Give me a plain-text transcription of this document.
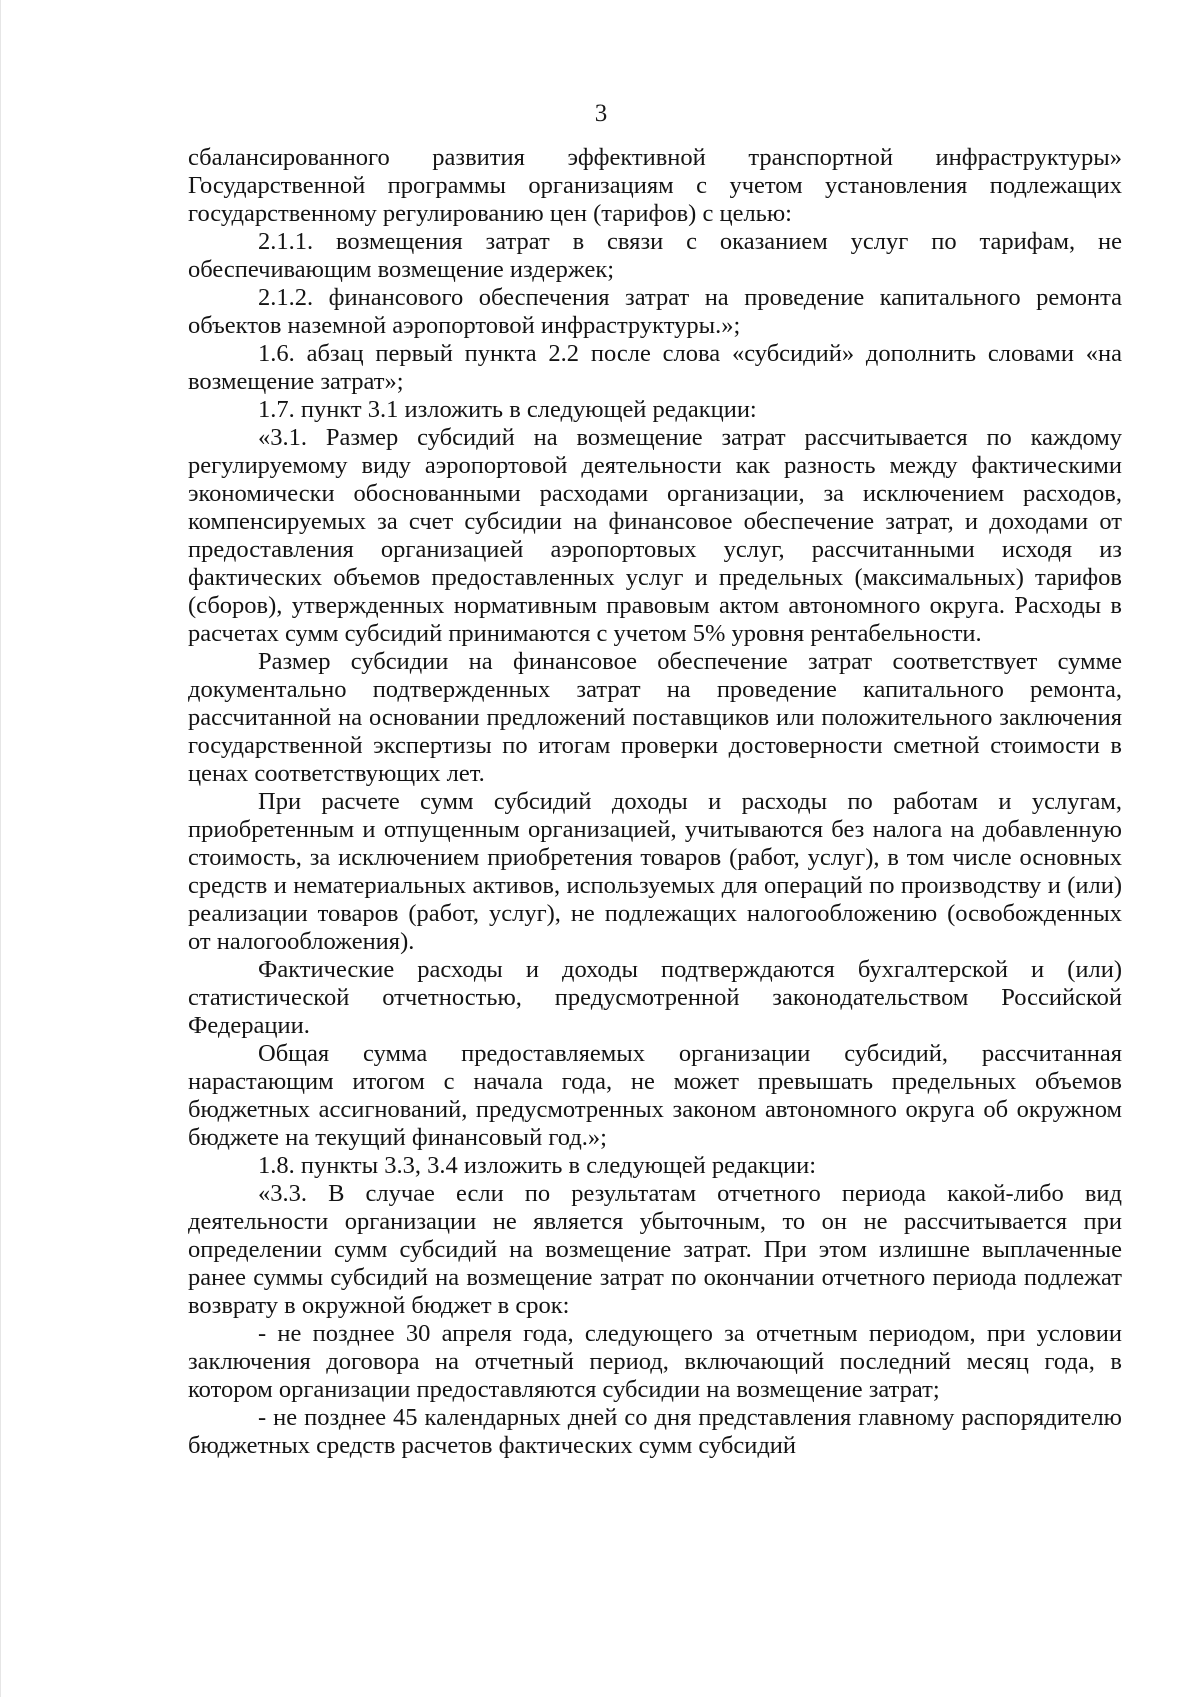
3

сбалансированного развития эффективной транспортной инфраструктуры» Государственной программы организациям с учетом установления подлежащих государственному регулированию цен (тарифов) с целью:

2.1.1. возмещения затрат в связи с оказанием услуг по тарифам, не обеспечивающим возмещение издержек;

2.1.2. финансового обеспечения затрат на проведение капитального ремонта объектов наземной аэропортовой инфраструктуры.»;

1.6. абзац первый пункта 2.2 после слова «субсидий» дополнить словами «на возмещение затрат»;

1.7. пункт 3.1 изложить в следующей редакции:

«3.1. Размер субсидий на возмещение затрат рассчитывается по каждому регулируемому виду аэропортовой деятельности как разность между фактическими экономически обоснованными расходами организации, за исключением расходов, компенсируемых за счет субсидии на финансовое обеспечение затрат, и доходами от предоставления организацией аэропортовых услуг, рассчитанными исходя из фактических объемов предоставленных услуг и предельных (максимальных) тарифов (сборов), утвержденных нормативным правовым актом автономного округа. Расходы в расчетах сумм субсидий принимаются с учетом 5% уровня рентабельности.

Размер субсидии на финансовое обеспечение затрат соответствует сумме документально подтвержденных затрат на проведение капитального ремонта, рассчитанной на основании предложений поставщиков или положительного заключения государственной экспертизы по итогам проверки достоверности сметной стоимости в ценах соответствующих лет.

При расчете сумм субсидий доходы и расходы по работам и услугам, приобретенным и отпущенным организацией, учитываются без налога на добавленную стоимость, за исключением приобретения товаров (работ, услуг), в том числе основных средств и нематериальных активов, используемых для операций по производству и (или) реализации товаров (работ, услуг), не подлежащих налогообложению (освобожденных от налогообложения).

Фактические расходы и доходы подтверждаются бухгалтерской и (или) статистической отчетностью, предусмотренной законодательством Российской Федерации.

Общая сумма предоставляемых организации субсидий, рассчитанная нарастающим итогом с начала года, не может превышать предельных объемов бюджетных ассигнований, предусмотренных законом автономного округа об окружном бюджете на текущий финансовый год.»;

1.8. пункты 3.3, 3.4 изложить в следующей редакции:

«3.3. В случае если по результатам отчетного периода какой-либо вид деятельности организации не является убыточным, то он не рассчитывается при определении сумм субсидий на возмещение затрат. При этом излишне выплаченные ранее суммы субсидий на возмещение затрат по окончании отчетного периода подлежат возврату в окружной бюджет в срок:

- не позднее 30 апреля года, следующего за отчетным периодом, при условии заключения договора на отчетный период, включающий последний месяц года, в котором организации предоставляются субсидии на возмещение затрат;

- не позднее 45 календарных дней со дня представления главному распорядителю бюджетных средств расчетов фактических сумм субсидий
